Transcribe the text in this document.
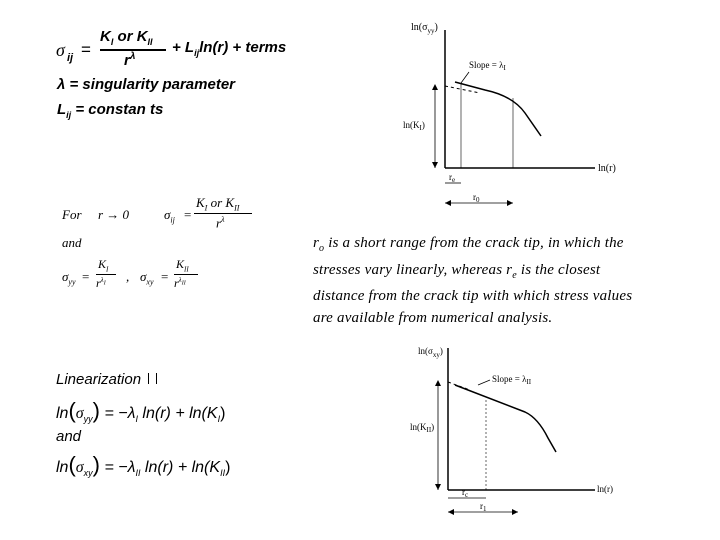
σ ij =
$K_I$ or $K_{II}$
$r^\lambda$
+ $L_{ij}\ln(r)$ + terms
λ = singularity parameter
$L_{ij}$ = constan ts
For r → 0	$\sigma_{ij}$ =
$K_I$ or $K_{II}$
$r^\lambda$
and
$\sigma_{yy}$ =
$K_I$
$r^{\lambda_I}$ , $\sigma_{xy}$ =
$K_{II}$
$r^{\lambda_{II}}$

$r_o$ is a short range from the crack tip, in which the

stresses vary linearly, whereas $r_e$ is the closest

distance from the crack tip with which stress values

are available from numerical analysis.

Linearization
$\ln(\sigma_{yy}) = -\lambda_I$ $\ln(r) + \ln(K_I)$
and
$\ln(\sigma_{xy}) = -\lambda_{II}$ $\ln(r) + \ln(K_{II})$
$\ln(\sigma_{yy})$
ln(r)
Slope = $\lambda_I$
$\ln(K_I)$
$r_e$
$r_0$
$\ln(\sigma_{xy})$
ln(r)
Slope = $\lambda_{II}$
$\ln(K_{II})$
$r_c$
$r_1$
